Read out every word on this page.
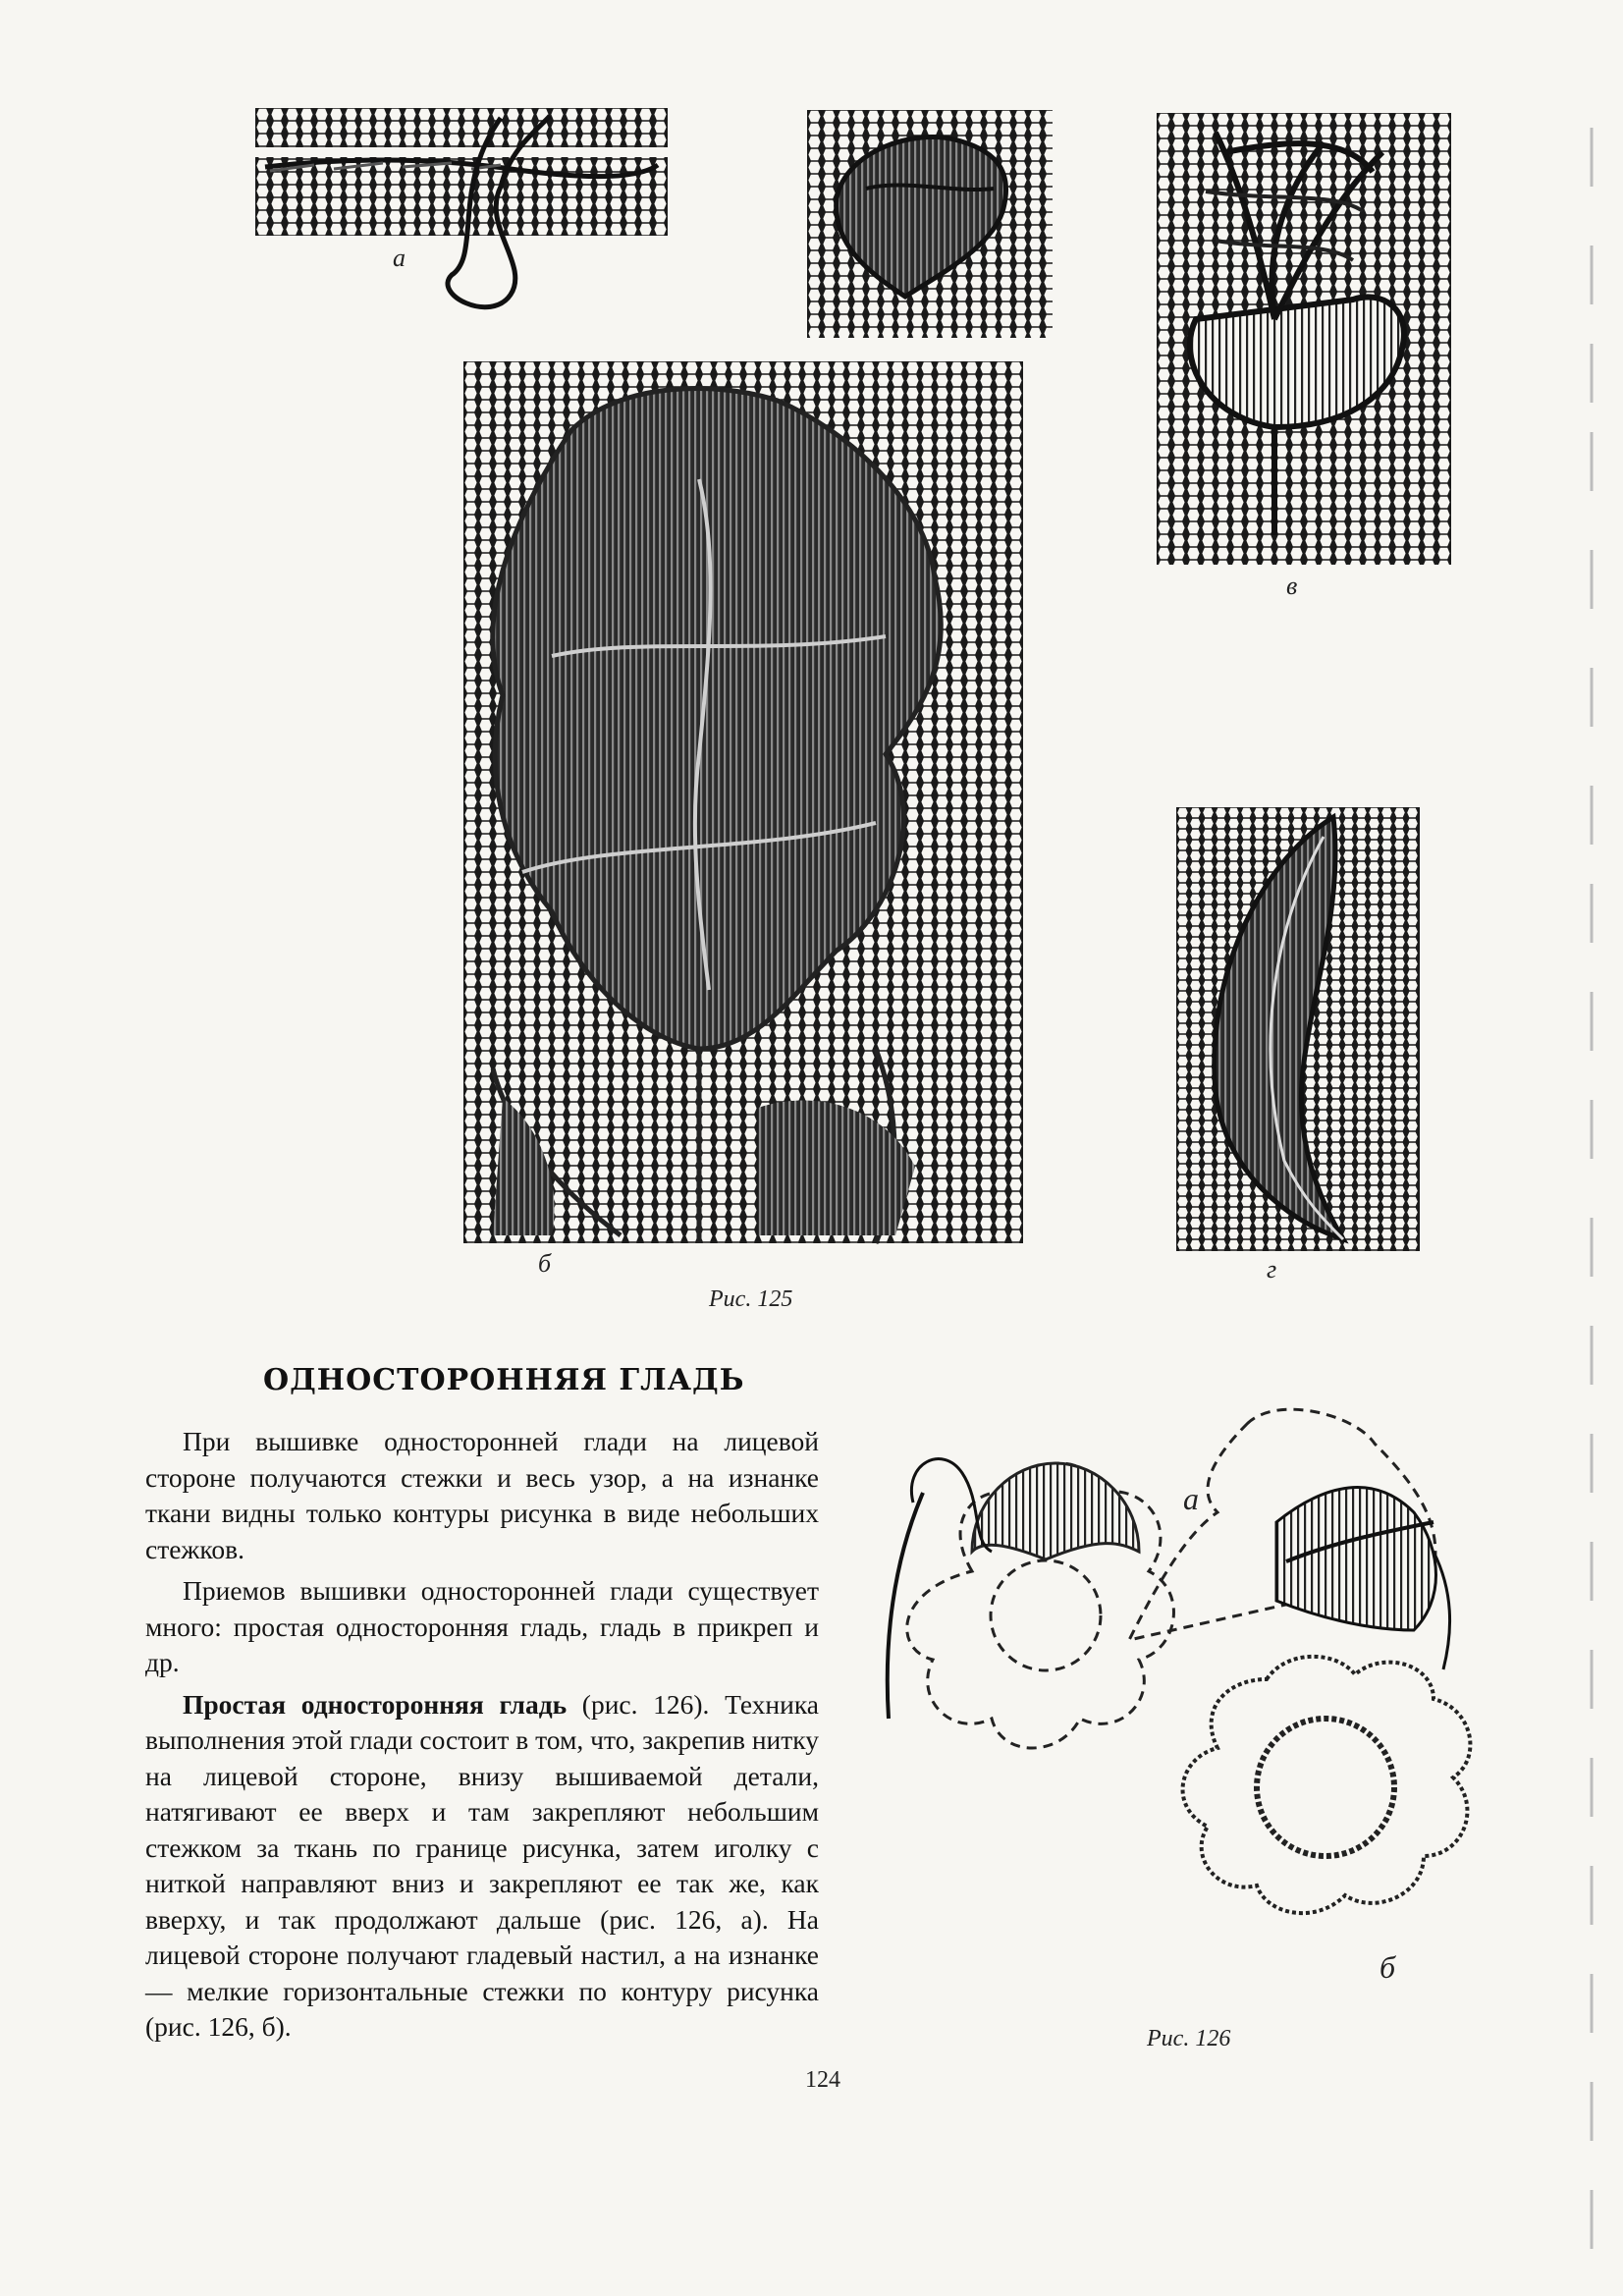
а
в
б	г
Рис. 125
ОДНОСТОРОННЯЯ ГЛАДЬ

При вышивке односторонней глади на лицевой стороне получаются стежки и весь узор, а на изнанке ткани видны только контуры рисунка в виде небольших стежков.

Приемов вышивки односторонней глади существует много: простая односторонняя гладь, гладь в прикреп и др.

Простая односторонняя гладь (рис. 126). Техника выполнения этой глади состоит в том, что, закрепив нитку на лицевой стороне, внизу вышиваемой детали, натягивают ее вверх и там закрепляют небольшим стежком за ткань по границе рисунка, затем иголку с ниткой направляют вниз и закрепляют ее так же, как вверху, и так продолжают дальше (рис. 126, а). На лицевой стороне получают гладевый настил, а на изнанке — мелкие горизонтальные стежки по контуру рисунка (рис. 126, б).

а
б
Рис. 126
124
